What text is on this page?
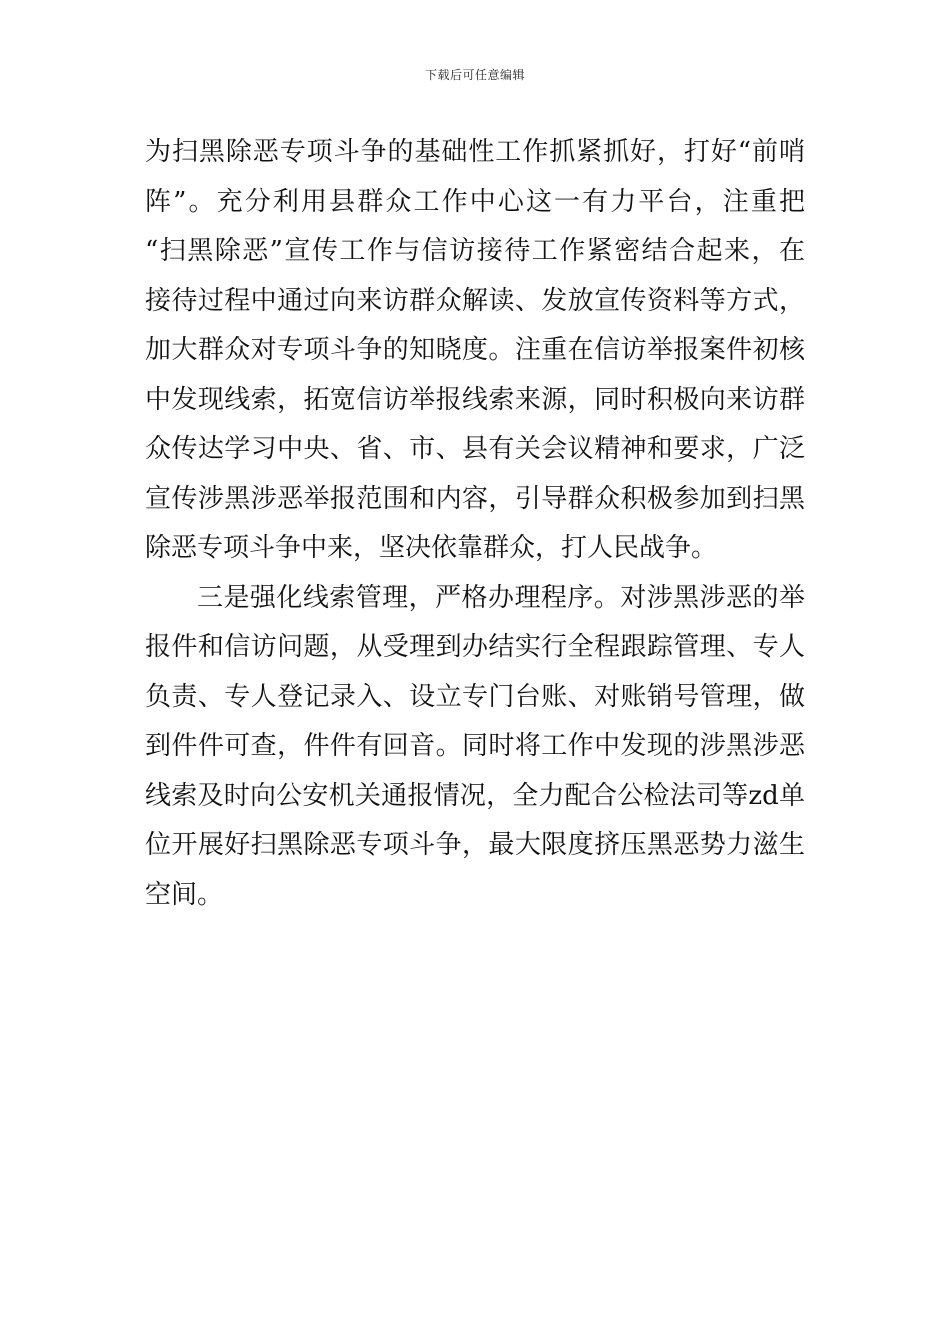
下载后可任意编辑
为扫黑除恶专项斗争的基础性工作抓紧抓好，打好“前哨
阵”。充分利用县群众工作中心这一有力平台，注重把
“扫黑除恶”宣传工作与信访接待工作紧密结合起来，在
接待过程中通过向来访群众解读、发放宣传资料等方式，
加大群众对专项斗争的知晓度。注重在信访举报案件初核
中发现线索，拓宽信访举报线索来源，同时积极向来访群
众传达学习中央、省、市、县有关会议精神和要求，广泛
宣传涉黑涉恶举报范围和内容，引导群众积极参加到扫黑
除恶专项斗争中来，坚决依靠群众，打人民战争。
三是强化线索管理，严格办理程序。对涉黑涉恶的举
报件和信访问题，从受理到办结实行全程跟踪管理、专人
负责、专人登记录入、设立专门台账、对账销号管理，做
到件件可查，件件有回音。同时将工作中发现的涉黑涉恶
线索及时向公安机关通报情况，全力配合公检法司等zd单
位开展好扫黑除恶专项斗争，最大限度挤压黑恶势力滋生
空间。
